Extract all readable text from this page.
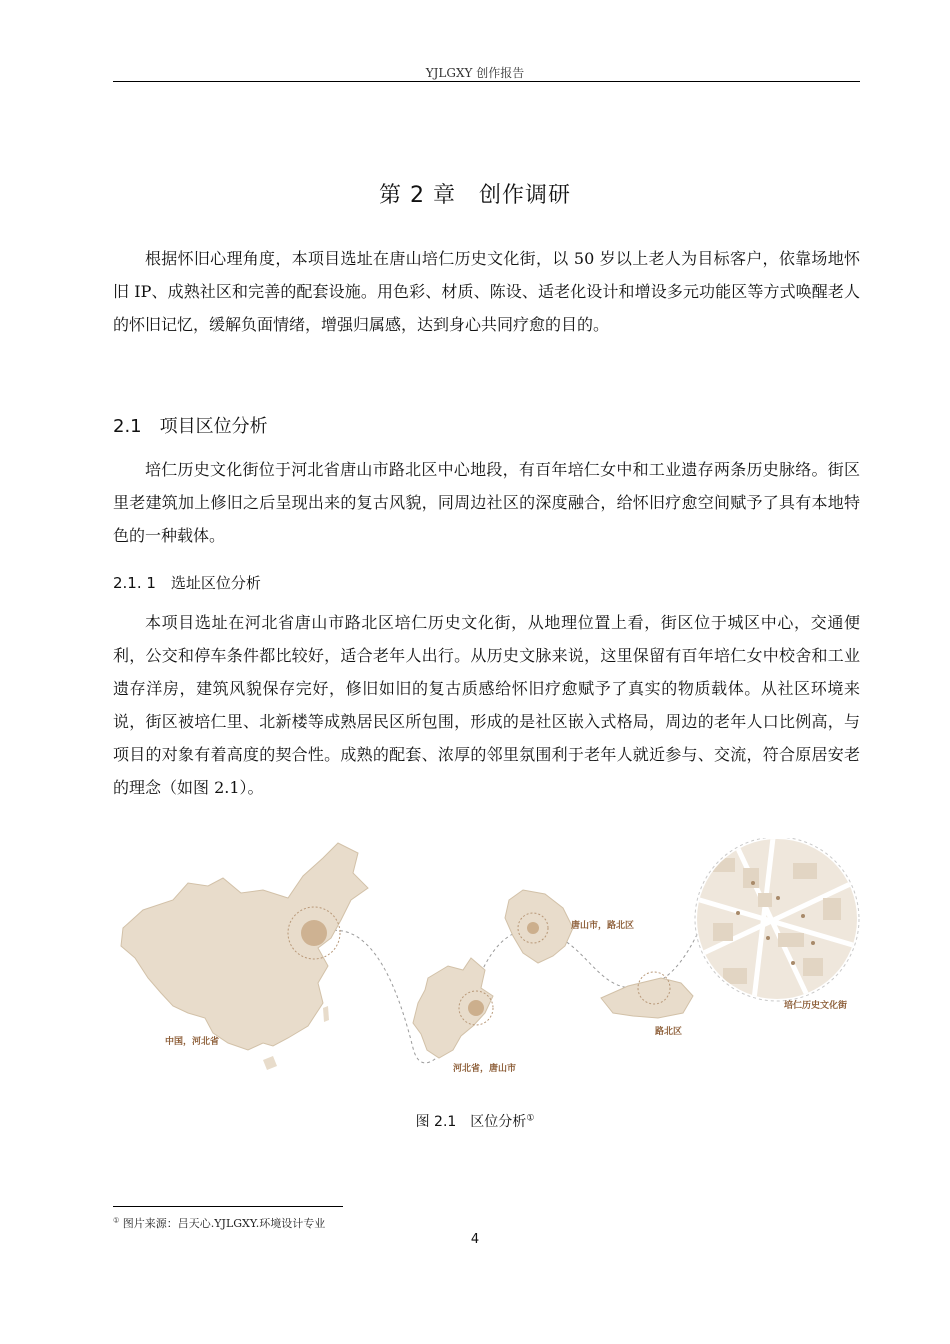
YJLGXY 创作报告
第 2 章　创作调研
根据怀旧心理角度，本项目选址在唐山培仁历史文化街，以 50 岁以上老人为目标客户，依靠场地怀旧 IP、成熟社区和完善的配套设施。用色彩、材质、陈设、适老化设计和增设多元功能区等方式唤醒老人的怀旧记忆，缓解负面情绪，增强归属感，达到身心共同疗愈的目的。
2.1　项目区位分析
培仁历史文化街位于河北省唐山市路北区中心地段，有百年培仁女中和工业遗存两条历史脉络。街区里老建筑加上修旧之后呈现出来的复古风貌，同周边社区的深度融合，给怀旧疗愈空间赋予了具有本地特色的一种载体。
2.1. 1　选址区位分析
本项目选址在河北省唐山市路北区培仁历史文化街，从地理位置上看，街区位于城区中心，交通便利，公交和停车条件都比较好，适合老年人出行。从历史文脉来说，这里保留有百年培仁女中校舍和工业遗存洋房，建筑风貌保存完好，修旧如旧的复古质感给怀旧疗愈赋予了真实的物质载体。从社区环境来说，街区被培仁里、北新楼等成熟居民区所包围，形成的是社区嵌入式格局，周边的老年人口比例高，与项目的对象有着高度的契合性。成熟的配套、浓厚的邻里氛围利于老年人就近参与、交流，符合原居安老的理念（如图 2.1）。
中国，河北省
河北省，唐山市
唐山市，路北区
路北区
培仁历史文化街
图 2.1　区位分析①
① 图片来源：吕天心.YJLGXY.环境设计专业
4
